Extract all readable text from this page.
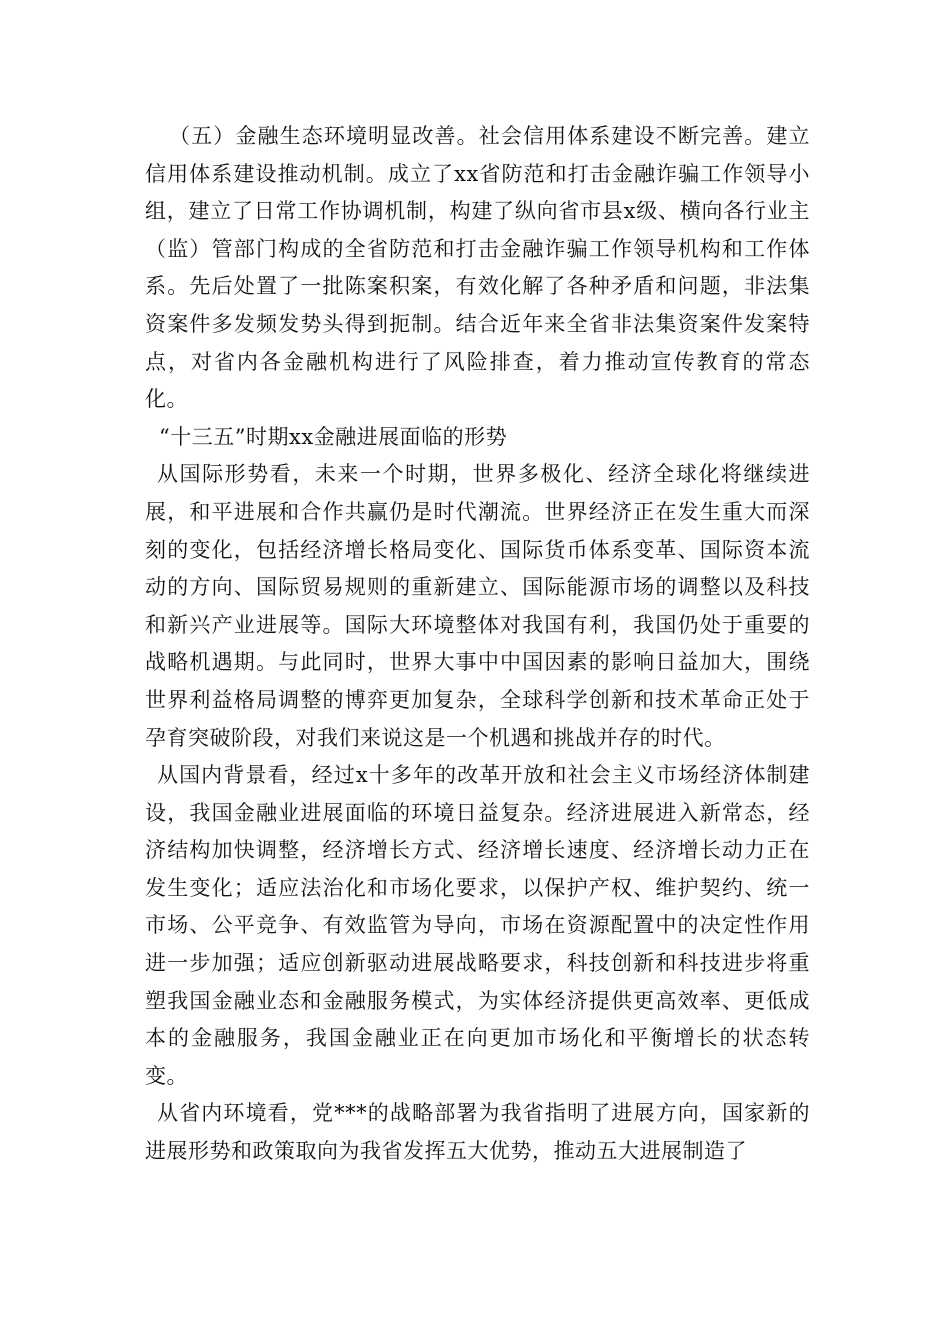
（五）金融生态环境明显改善。社会信用体系建设不断完善。建立信用体系建设推动机制。成立了xx省防范和打击金融诈骗工作领导小组，建立了日常工作协调机制，构建了纵向省市县x级、横向各行业主（监）管部门构成的全省防范和打击金融诈骗工作领导机构和工作体系。先后处置了一批陈案积案，有效化解了各种矛盾和问题，非法集资案件多发频发势头得到扼制。结合近年来全省非法集资案件发案特点，对省内各金融机构进行了风险排查，着力推动宣传教育的常态化。

“十三五”时期xx金融进展面临的形势

从国际形势看，未来一个时期，世界多极化、经济全球化将继续进展，和平进展和合作共赢仍是时代潮流。世界经济正在发生重大而深刻的变化，包括经济增长格局变化、国际货币体系变革、国际资本流动的方向、国际贸易规则的重新建立、国际能源市场的调整以及科技和新兴产业进展等。国际大环境整体对我国有利，我国仍处于重要的战略机遇期。与此同时，世界大事中中国因素的影响日益加大，围绕世界利益格局调整的博弈更加复杂，全球科学创新和技术革命正处于孕育突破阶段，对我们来说这是一个机遇和挑战并存的时代。

从国内背景看，经过x十多年的改革开放和社会主义市场经济体制建设，我国金融业进展面临的环境日益复杂。经济进展进入新常态，经济结构加快调整，经济增长方式、经济增长速度、经济增长动力正在发生变化；适应法治化和市场化要求，以保护产权、维护契约、统一市场、公平竞争、有效监管为导向，市场在资源配置中的决定性作用进一步加强；适应创新驱动进展战略要求，科技创新和科技进步将重塑我国金融业态和金融服务模式，为实体经济提供更高效率、更低成本的金融服务，我国金融业正在向更加市场化和平衡增长的状态转变。

从省内环境看，党***的战略部署为我省指明了进展方向，国家新的进展形势和政策取向为我省发挥五大优势，推动五大进展制造了
